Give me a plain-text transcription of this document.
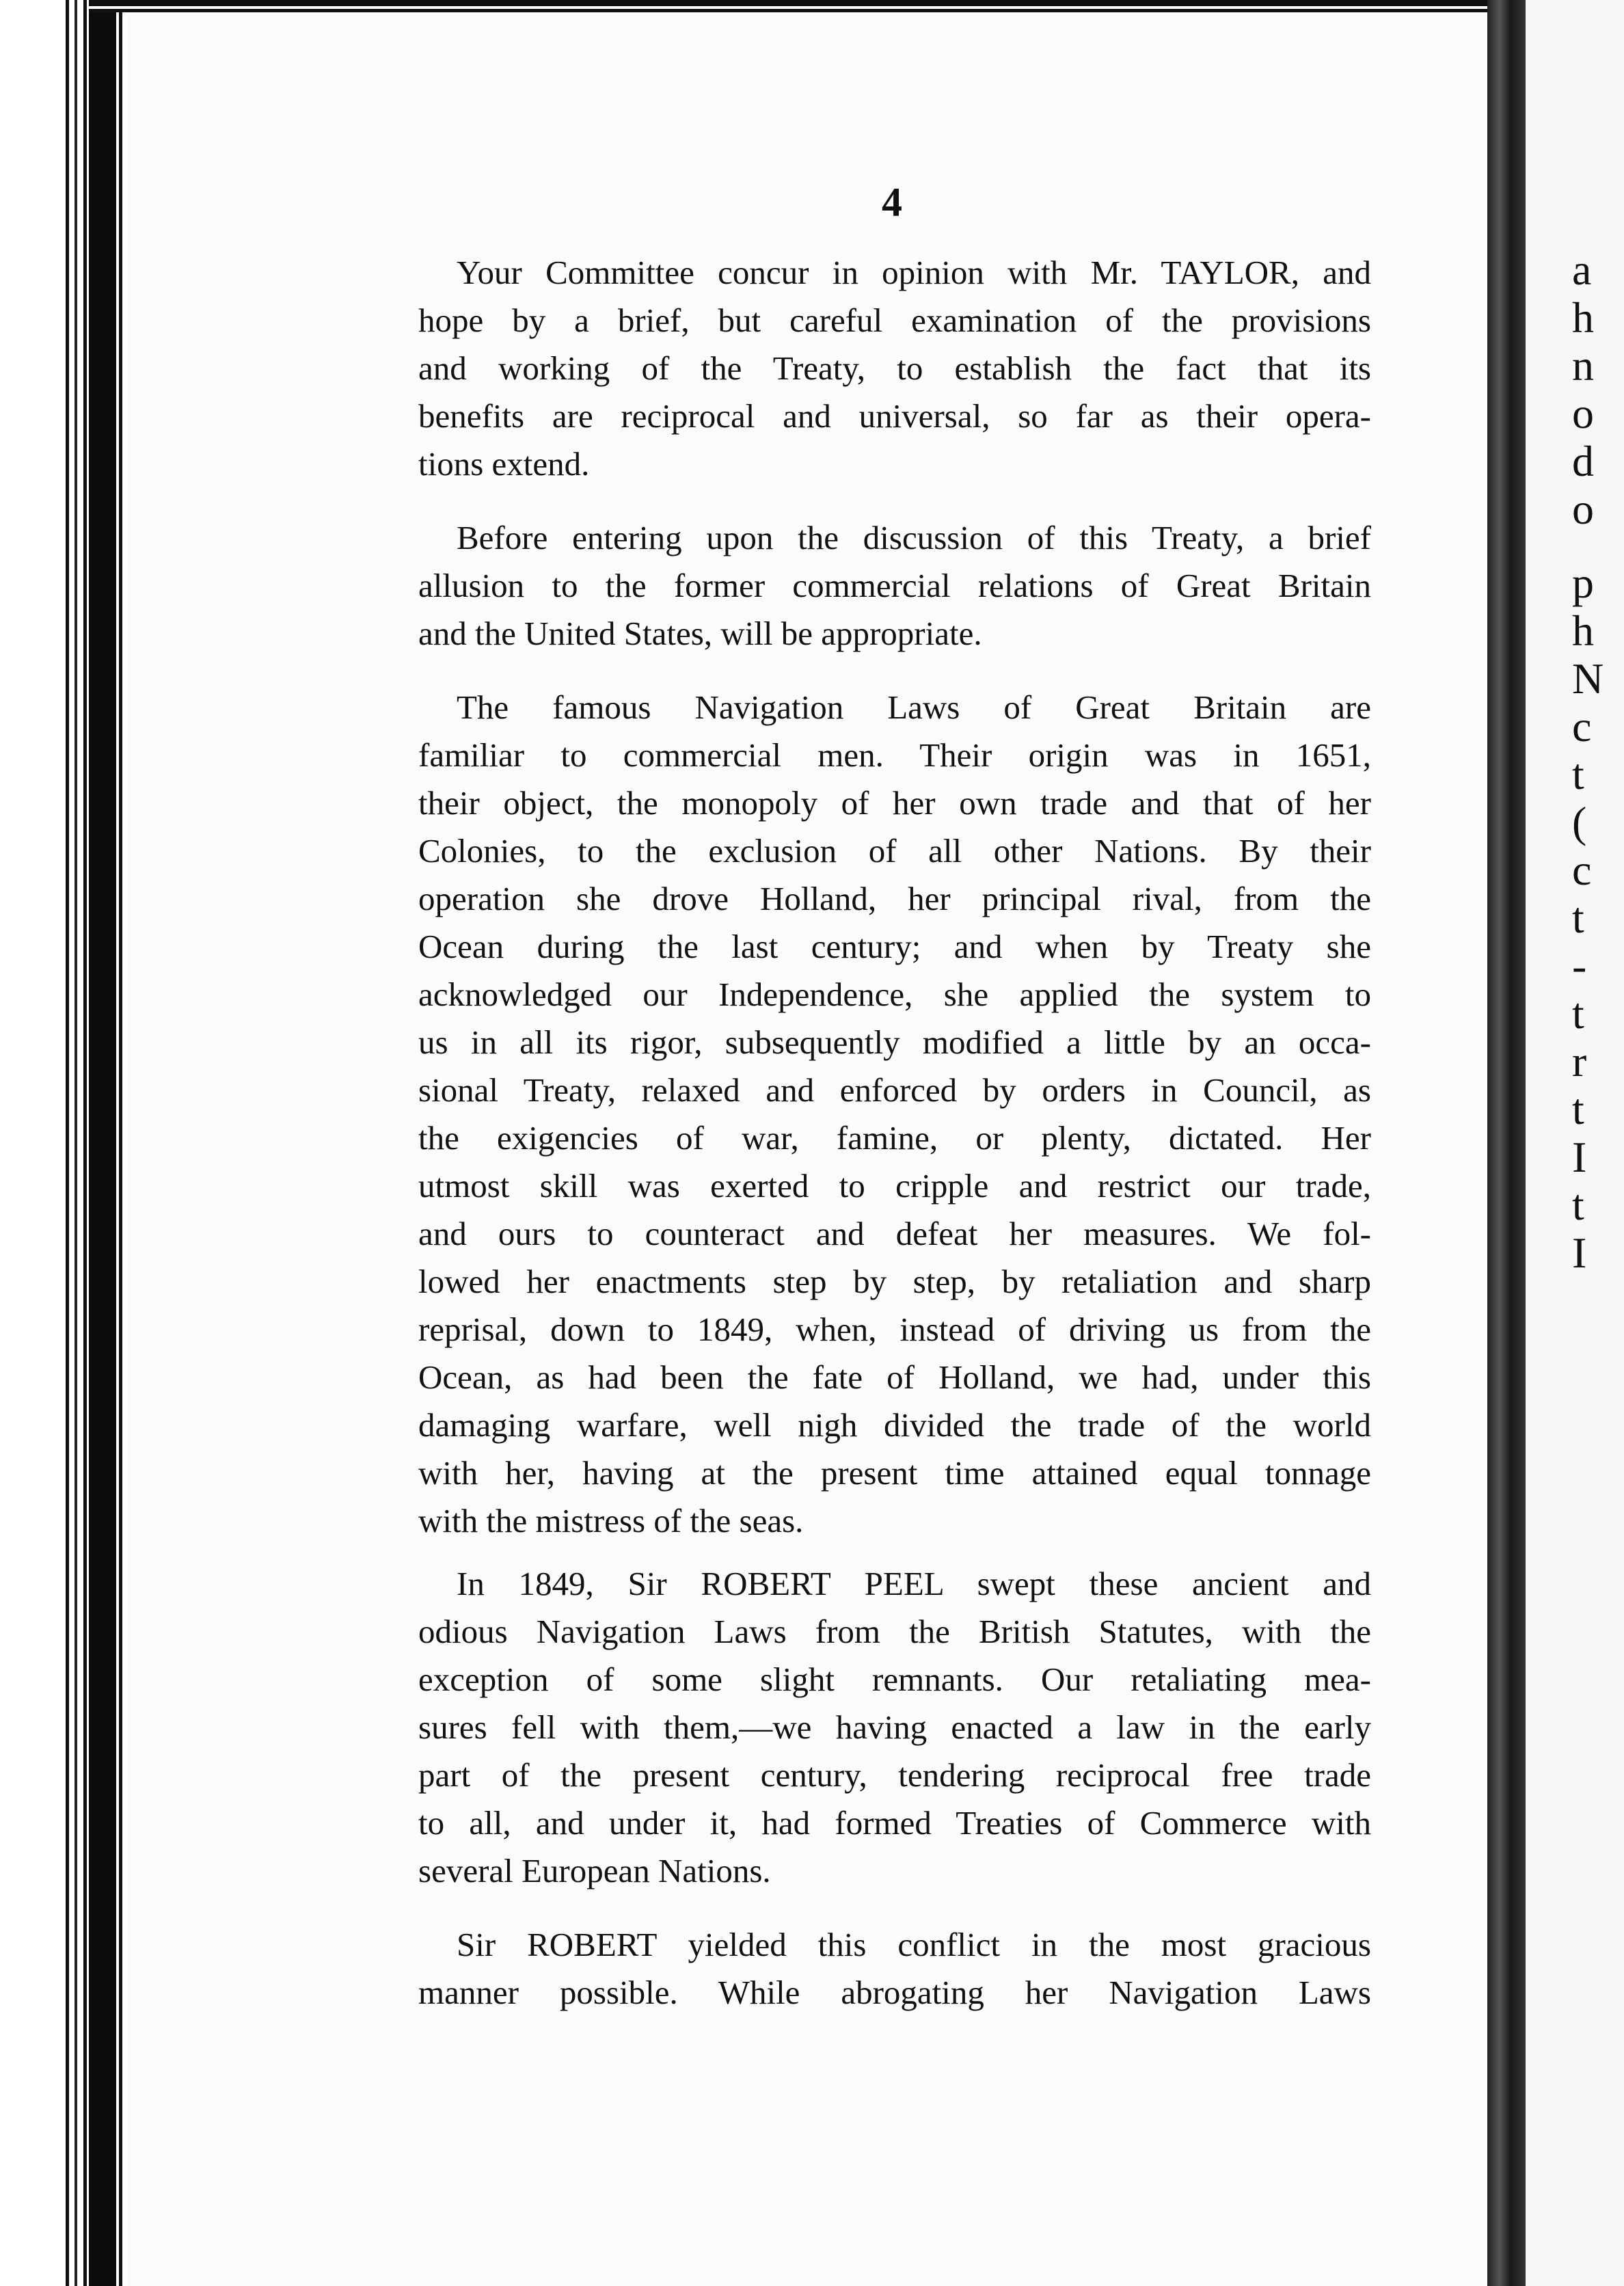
a
h
n
o
d
o
p
h
N
c
t
(
c
t
-
t
r
t
I
t
I
4

Your Committee concur in opinion with Mr. TAYLOR, and
hope by a brief, but careful examination of the provisions
and working of the Treaty, to establish the fact that its
benefits are reciprocal and universal, so far as their opera-
tions extend.

Before entering upon the discussion of this Treaty, a brief
allusion to the former commercial relations of Great Britain
and the United States, will be appropriate.

The famous Navigation Laws of Great Britain are
familiar to commercial men. Their origin was in 1651,
their object, the monopoly of her own trade and that of her
Colonies, to the exclusion of all other Nations. By their
operation she drove Holland, her principal rival, from the
Ocean during the last century; and when by Treaty she
acknowledged our Independence, she applied the system to
us in all its rigor, subsequently modified a little by an occa-
sional Treaty, relaxed and enforced by orders in Council, as
the exigencies of war, famine, or plenty, dictated. Her
utmost skill was exerted to cripple and restrict our trade,
and ours to counteract and defeat her measures. We fol-
lowed her enactments step by step, by retaliation and sharp
reprisal, down to 1849, when, instead of driving us from the
Ocean, as had been the fate of Holland, we had, under this
damaging warfare, well nigh divided the trade of the world
with her, having at the present time attained equal tonnage
with the mistress of the seas.

In 1849, Sir ROBERT PEEL swept these ancient and
odious Navigation Laws from the British Statutes, with the
exception of some slight remnants. Our retaliating mea-
sures fell with them,—we having enacted a law in the early
part of the present century, tendering reciprocal free trade
to all, and under it, had formed Treaties of Commerce with
several European Nations.

Sir ROBERT yielded this conflict in the most gracious
manner possible. While abrogating her Navigation Laws
